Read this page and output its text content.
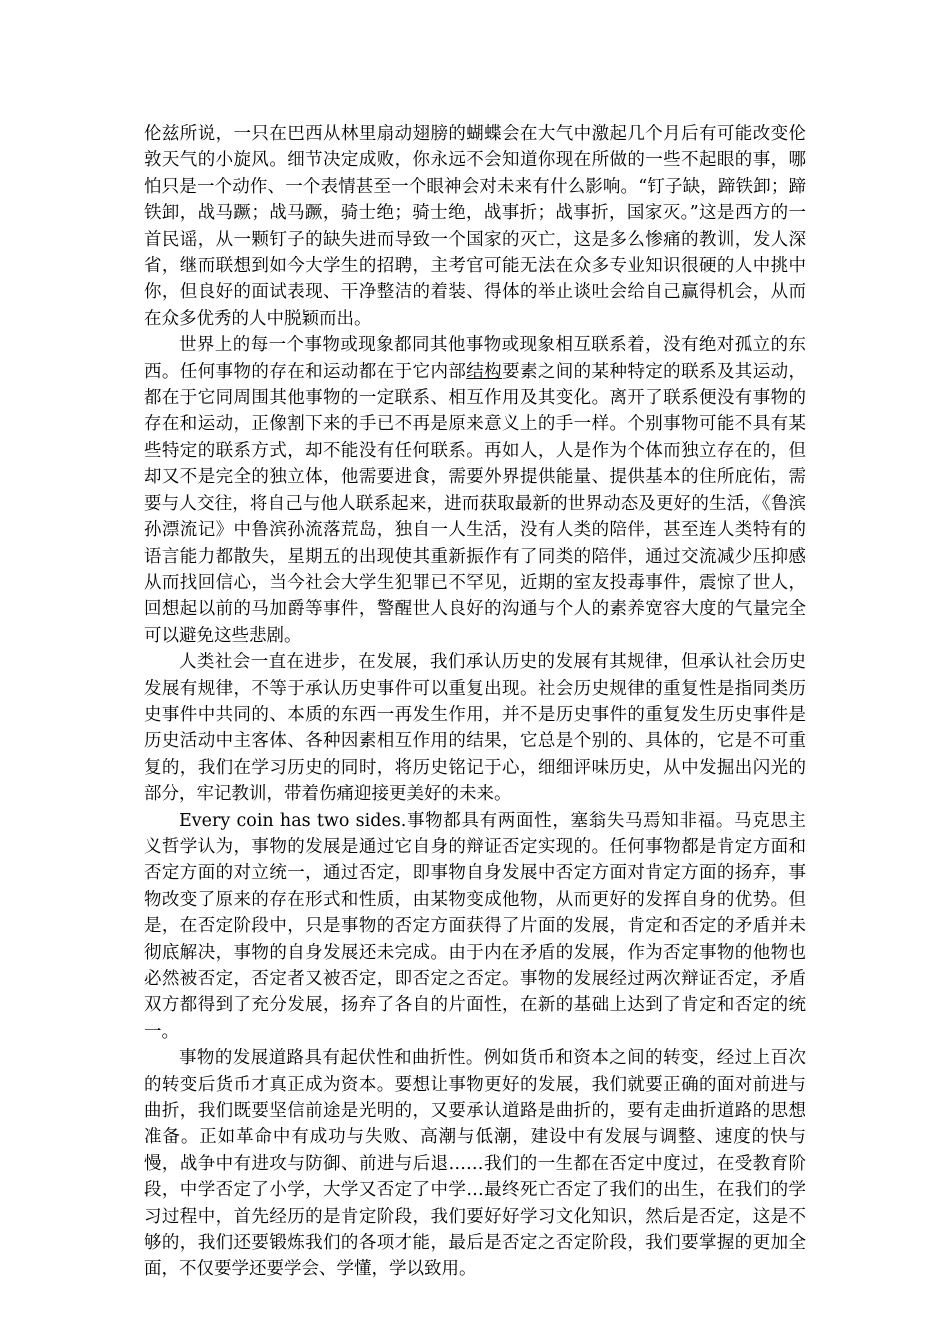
伦兹所说，一只在巴西从林里扇动翅膀的蝴蝶会在大气中激起几个月后有可能改变伦敦天气的小旋风。细节决定成败，你永远不会知道你现在所做的一些不起眼的事，哪怕只是一个动作、一个表情甚至一个眼神会对未来有什么影响。“钉子缺，蹄铁卸；蹄铁卸，战马蹶；战马蹶，骑士绝；骑士绝，战事折；战事折，国家灭。”这是西方的一首民谣，从一颗钉子的缺失进而导致一个国家的灭亡，这是多么惨痛的教训，发人深省，继而联想到如今大学生的招聘，主考官可能无法在众多专业知识很硬的人中挑中你，但良好的面试表现、干净整洁的着装、得体的举止谈吐会给自己赢得机会，从而在众多优秀的人中脱颖而出。

世界上的每一个事物或现象都同其他事物或现象相互联系着，没有绝对孤立的东西。任何事物的存在和运动都在于它内部结构要素之间的某种特定的联系及其运动，都在于它同周围其他事物的一定联系、相互作用及其变化。离开了联系便没有事物的存在和运动，正像割下来的手已不再是原来意义上的手一样。个别事物可能不具有某些特定的联系方式，却不能没有任何联系。再如人，人是作为个体而独立存在的，但却又不是完全的独立体，他需要进食，需要外界提供能量、提供基本的住所庇佑，需要与人交往，将自己与他人联系起来，进而获取最新的世界动态及更好的生活，《鲁滨孙漂流记》中鲁滨孙流落荒岛，独自一人生活，没有人类的陪伴，甚至连人类特有的语言能力都散失，星期五的出现使其重新振作有了同类的陪伴，通过交流减少压抑感从而找回信心，当今社会大学生犯罪已不罕见，近期的室友投毒事件，震惊了世人，回想起以前的马加爵等事件，警醒世人良好的沟通与个人的素养宽容大度的气量完全可以避免这些悲剧。

人类社会一直在进步，在发展，我们承认历史的发展有其规律，但承认社会历史发展有规律，不等于承认历史事件可以重复出现。社会历史规律的重复性是指同类历史事件中共同的、本质的东西一再发生作用，并不是历史事件的重复发生历史事件是历史活动中主客体、各种因素相互作用的结果，它总是个别的、具体的，它是不可重复的，我们在学习历史的同时，将历史铭记于心，细细评味历史，从中发掘出闪光的部分，牢记教训，带着伤痛迎接更美好的未来。

Every coin has two sides.事物都具有两面性，塞翁失马焉知非福。马克思主义哲学认为，事物的发展是通过它自身的辩证否定实现的。任何事物都是肯定方面和否定方面的对立统一，通过否定，即事物自身发展中否定方面对肯定方面的扬弃，事物改变了原来的存在形式和性质，由某物变成他物，从而更好的发挥自身的优势。但是，在否定阶段中，只是事物的否定方面获得了片面的发展，肯定和否定的矛盾并未彻底解决，事物的自身发展还未完成。由于内在矛盾的发展，作为否定事物的他物也必然被否定，否定者又被否定，即否定之否定。事物的发展经过两次辩证否定，矛盾双方都得到了充分发展，扬弃了各自的片面性，在新的基础上达到了肯定和否定的统一。

事物的发展道路具有起伏性和曲折性。例如货币和资本之间的转变，经过上百次的转变后货币才真正成为资本。要想让事物更好的发展，我们就要正确的面对前进与曲折，我们既要坚信前途是光明的，又要承认道路是曲折的，要有走曲折道路的思想准备。正如革命中有成功与失败、高潮与低潮，建设中有发展与调整、速度的快与慢，战争中有进攻与防御、前进与后退……我们的一生都在否定中度过，在受教育阶段，中学否定了小学，大学又否定了中学…最终死亡否定了我们的出生，在我们的学习过程中，首先经历的是肯定阶段，我们要好好学习文化知识，然后是否定，这是不够的，我们还要锻炼我们的各项才能，最后是否定之否定阶段，我们要掌握的更加全面，不仅要学还要学会、学懂，学以致用。
